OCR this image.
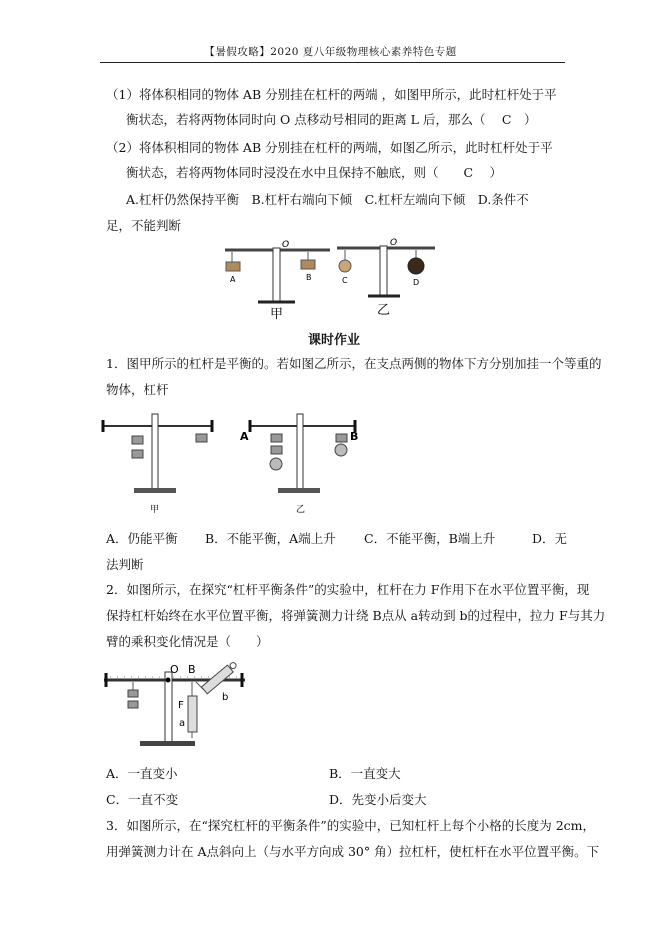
【暑假攻略】2020 夏八年级物理核心素养特色专题
（1）将体积相同的物体 AB 分别挂在杠杆的两端 ，如图甲所示，此时杠杆处于平
衡状态，若将两物体同时向 O 点移动号相同的距离 L 后，那么（　 C　）
（2）将体积相同的物体 AB 分别挂在杠杆的两端，如图乙所示，此时杠杆处于平
衡状态，若将两物体同时浸没在水中且保持不触底，则（　　C　 ）
A.杠杆仍然保持平衡　B.杠杆右端向下倾　C.杠杆左端向下倾　D.条件不
足，不能判断
O
A	B
甲
O
C	D
乙
课时作业
1．图甲所示的杠杆是平衡的。若如图乙所示，在支点两侧的物体下方分别加挂一个等重的
物体，杠杆
甲
A	B
乙
A．仍能平衡 B．不能平衡，A端上升 C．不能平衡，B端上升	D．无
法判断
2．如图所示，在探究“杠杆平衡条件”的实验中，杠杆在力 F作用下在水平位置平衡，现
保持杠杆始终在水平位置平衡，将弹簧测力计绕 B点从 a转动到 b的过程中，拉力 F与其力
臂的乘积变化情况是（　　）
O B
F
a
b
A．一直变小	B．一直变大
C．一直不变	D．先变小后变大
3．如图所示，在“探究杠杆的平衡条件”的实验中，已知杠杆上每个小格的长度为 2cm，
用弹簧测力计在 A点斜向上（与水平方向成 30° 角）拉杠杆，使杠杆在水平位置平衡。下
